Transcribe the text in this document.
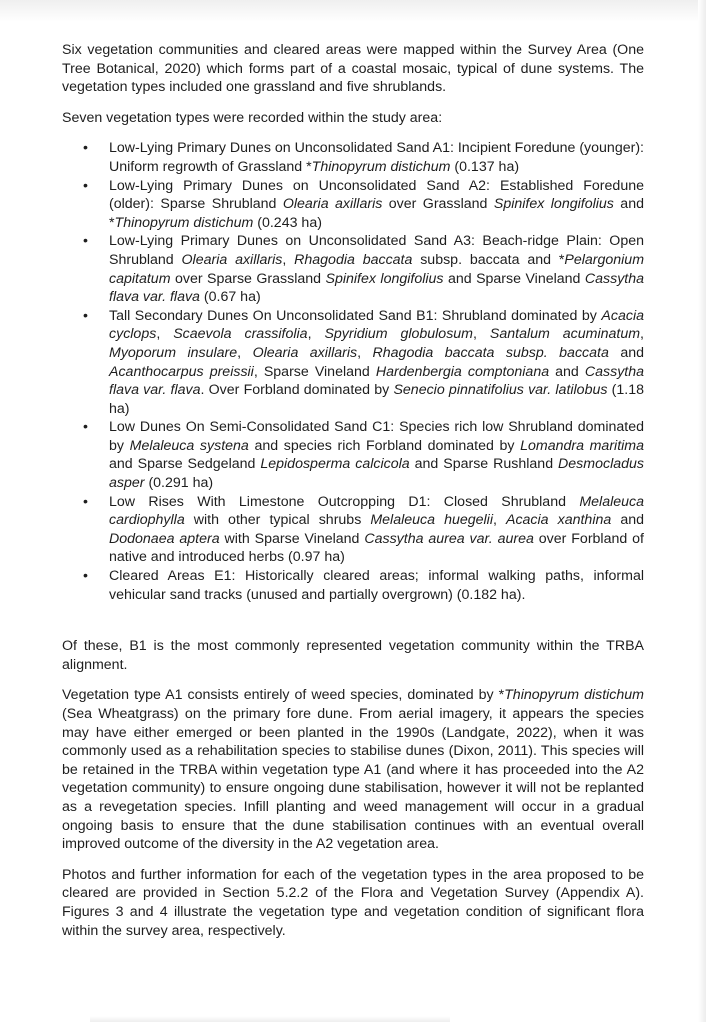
Six vegetation communities and cleared areas were mapped within the Survey Area (One Tree Botanical, 2020) which forms part of a coastal mosaic, typical of dune systems. The vegetation types included one grassland and five shrublands.

Seven vegetation types were recorded within the study area:

• Low-Lying Primary Dunes on Unconsolidated Sand A1: Incipient Foredune (younger): Uniform regrowth of Grassland *Thinopyrum distichum (0.137 ha)
• Low-Lying Primary Dunes on Unconsolidated Sand A2: Established Foredune (older): Sparse Shrubland Olearia axillaris over Grassland Spinifex longifolius and *Thinopyrum distichum (0.243 ha)
• Low-Lying Primary Dunes on Unconsolidated Sand A3: Beach-ridge Plain: Open Shrubland Olearia axillaris, Rhagodia baccata subsp. baccata and *Pelargonium capitatum over Sparse Grassland Spinifex longifolius and Sparse Vineland Cassytha flava var. flava (0.67 ha)
• Tall Secondary Dunes On Unconsolidated Sand B1: Shrubland dominated by Acacia cyclops, Scaevola crassifolia, Spyridium globulosum, Santalum acuminatum, Myoporum insulare, Olearia axillaris, Rhagodia baccata subsp. baccata and Acanthocarpus preissii, Sparse Vineland Hardenbergia comptoniana and Cassytha flava var. flava. Over Forbland dominated by Senecio pinnatifolius var. latilobus (1.18 ha)
• Low Dunes On Semi-Consolidated Sand C1: Species rich low Shrubland dominated by Melaleuca systena and species rich Forbland dominated by Lomandra maritima and Sparse Sedgeland Lepidosperma calcicola and Sparse Rushland Desmocladus asper (0.291 ha)
• Low Rises With Limestone Outcropping D1: Closed Shrubland Melaleuca cardiophylla with other typical shrubs Melaleuca huegelii, Acacia xanthina and Dodonaea aptera with Sparse Vineland Cassytha aurea var. aurea over Forbland of native and introduced herbs (0.97 ha)
• Cleared Areas E1: Historically cleared areas; informal walking paths, informal vehicular sand tracks (unused and partially overgrown) (0.182 ha).

Of these, B1 is the most commonly represented vegetation community within the TRBA alignment.

Vegetation type A1 consists entirely of weed species, dominated by *Thinopyrum distichum (Sea Wheatgrass) on the primary fore dune. From aerial imagery, it appears the species may have either emerged or been planted in the 1990s (Landgate, 2022), when it was commonly used as a rehabilitation species to stabilise dunes (Dixon, 2011). This species will be retained in the TRBA within vegetation type A1 (and where it has proceeded into the A2 vegetation community) to ensure ongoing dune stabilisation, however it will not be replanted as a revegetation species. Infill planting and weed management will occur in a gradual ongoing basis to ensure that the dune stabilisation continues with an eventual overall improved outcome of the diversity in the A2 vegetation area.

Photos and further information for each of the vegetation types in the area proposed to be cleared are provided in Section 5.2.2 of the Flora and Vegetation Survey (Appendix A). Figures 3 and 4 illustrate the vegetation type and vegetation condition of significant flora within the survey area, respectively.
